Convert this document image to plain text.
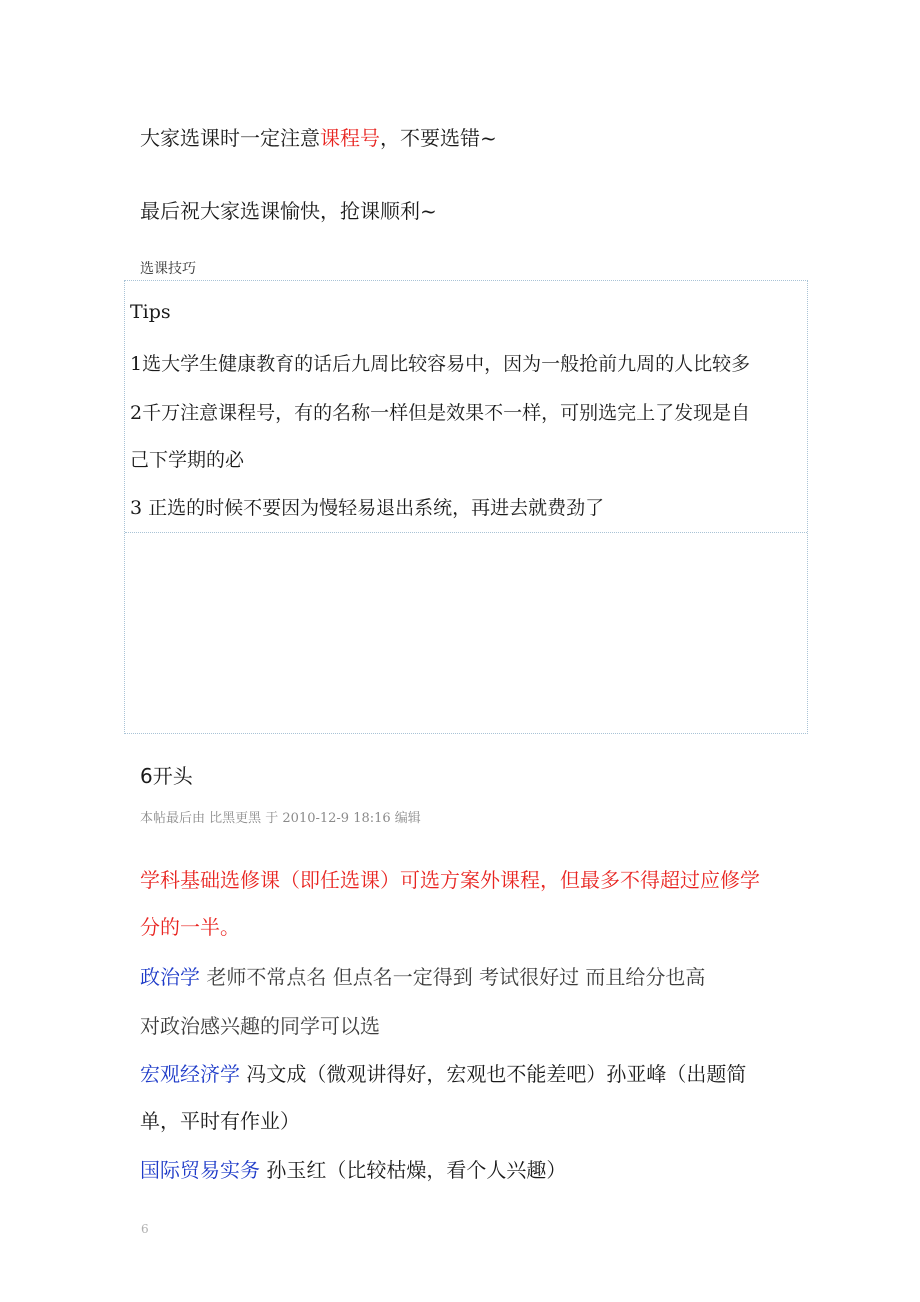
大家选课时一定注意课程号，不要选错~
最后祝大家选课愉快，抢课顺利~
选课技巧
Tips
1选大学生健康教育的话后九周比较容易中，因为一般抢前九周的人比较多
2千万注意课程号，有的名称一样但是效果不一样，可别选完上了发现是自
己下学期的必
3 正选的时候不要因为慢轻易退出系统，再进去就费劲了
6开头
本帖最后由 比黑更黑 于 2010-12-9 18:16 编辑
学科基础选修课（即任选课）可选方案外课程，但最多不得超过应修学
分的一半。
政治学 老师不常点名 但点名一定得到 考试很好过 而且给分也高
对政治感兴趣的同学可以选
宏观经济学 冯文成（微观讲得好，宏观也不能差吧）孙亚峰（出题简
单，平时有作业）
国际贸易实务 孙玉红（比较枯燥，看个人兴趣）
6
